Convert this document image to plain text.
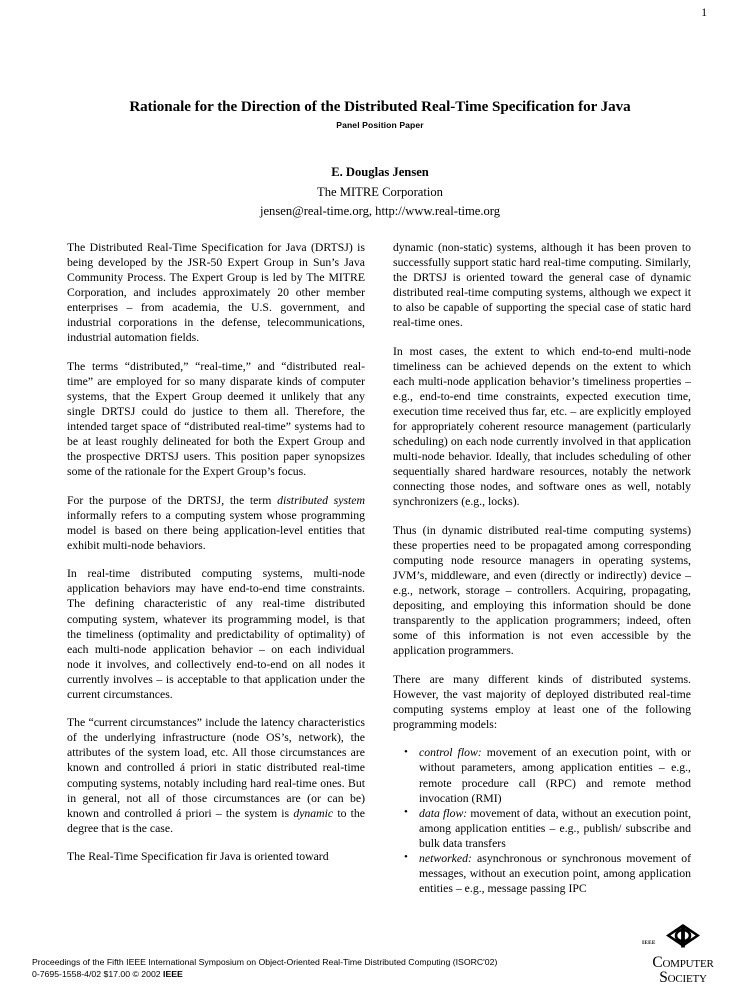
1
Rationale for the Direction of the Distributed Real-Time Specification for Java
Panel Position Paper
E. Douglas Jensen
The MITRE Corporation
jensen@real-time.org, http://www.real-time.org

The Distributed Real-Time Specification for Java (DRTSJ) is being developed by the JSR-50 Expert Group in Sun’s Java Community Process. The Expert Group is led by The MITRE Corporation, and includes approximately 20 other member enterprises – from academia, the U.S. government, and industrial corporations in the defense, telecommunications, industrial automation fields.

The terms “distributed,” “real-time,” and “distributed real-time” are employed for so many disparate kinds of computer systems, that the Expert Group deemed it unlikely that any single DRTSJ could do justice to them all. Therefore, the intended target space of “distributed real-time” systems had to be at least roughly delineated for both the Expert Group and the prospective DRTSJ users. This position paper synopsizes some of the rationale for the Expert Group’s focus.

For the purpose of the DRTSJ, the term distributed system informally refers to a computing system whose programming model is based on there being application-level entities that exhibit multi-node behaviors.

In real-time distributed computing systems, multi-node application behaviors may have end-to-end time constraints. The defining characteristic of any real-time distributed computing system, whatever its programming model, is that the timeliness (optimality and predictability of optimality) of each multi-node application behavior – on each individual node it involves, and collectively end-to-end on all nodes it currently involves – is acceptable to that application under the current circumstances.

The “current circumstances” include the latency characteristics of the underlying infrastructure (node OS’s, network), the attributes of the system load, etc. All those circumstances are known and controlled á priori in static distributed real-time computing systems, notably including hard real-time ones. But in general, not all of those circumstances are (or can be) known and controlled á priori – the system is dynamic to the degree that is the case.

The Real-Time Specification fir Java is oriented toward

dynamic (non-static) systems, although it has been proven to successfully support static hard real-time computing. Similarly, the DRTSJ is oriented toward the general case of dynamic distributed real-time computing systems, although we expect it to also be capable of supporting the special case of static hard real-time ones.

In most cases, the extent to which end-to-end multi-node timeliness can be achieved depends on the extent to which each multi-node application behavior’s timeliness properties – e.g., end-to-end time constraints, expected execution time, execution time received thus far, etc. – are explicitly employed for appropriately coherent resource management (particularly scheduling) on each node currently involved in that application multi-node behavior. Ideally, that includes scheduling of other sequentially shared hardware resources, notably the network connecting those nodes, and software ones as well, notably synchronizers (e.g., locks).

Thus (in dynamic distributed real-time computing systems) these properties need to be propagated among corresponding computing node resource managers in operating systems, JVM’s, middleware, and even (directly or indirectly) device – e.g., network, storage – controllers. Acquiring, propagating, depositing, and employing this information should be done transparently to the application programmers; indeed, often some of this information is not even accessible by the application programmers.

There are many different kinds of distributed systems. However, the vast majority of deployed distributed real-time computing systems employ at least one of the following programming models:

• control flow: movement of an execution point, with or without parameters, among application entities – e.g., remote procedure call (RPC) and remote method invocation (RMI)
• data flow: movement of data, without an execution point, among application entities – e.g., publish/ subscribe and bulk data transfers
• networked: asynchronous or synchronous movement of messages, without an execution point, among application entities – e.g., message passing IPC
Proceedings of the Fifth IEEE International Symposium on Object-Oriented Real-Time Distributed Computing (ISORC'02)
0-7695-1558-4/02 $17.00 © 2002 IEEE
IEEE
Computer
Society
